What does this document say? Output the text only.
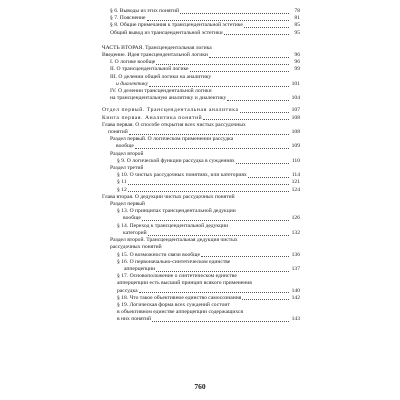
§ 6. Выводы из этих понятий	78
§ 7. Пояснение	81
§ 8. Общие примечания к трансцендентальной эстетике	85
Общий вывод из трансцендентальной эстетики	95
ЧАСТЬ ВТОРАЯ. Трансцендентальная логика
Введение. Идея трансцендентальной логики	96
I. О логике вообще	96
II. О трансцендентальной логике	99
III. О делении общей логики на аналитику
и диалектику	101
IV. О делении трансцендентальной логики
на трансцендентальную аналитику и диалектику	104
Отдел первый. Трансцендентальная аналитика	107
Книга первая. Аналитика понятий	108
Глава первая. О способе открытия всех чистых рассудочных
понятий	108
Раздел первый. О логическом применении рассудка
вообще	109
Раздел второй
§ 9. О логической функции рассудка в суждениях	110
Раздел третий
§ 10. О чистых рассудочных понятиях, или категориях	114
§ 11	121
§ 12	124
Глава вторая. О дедукции чистых рассудочных понятий
Раздел первый
§ 13. О принципах трансцендентальной дедукции
вообще	126
§ 14. Переход к трансцендентальной дедукции
категорий	132
Раздел второй. Трансцендентальная дедукция чистых
рассудочных понятий
§ 15. О возможности связи вообще	136
§ 16. О первоначально-синтетическом единстве
апперцепции	137
§ 17. Основоположение о синтетическом единстве
апперцепции есть высший принцип всякого применения
рассудка	140
§ 18. Что такое объективное единство самосознания	142
§ 19. Логическая форма всех суждений состоит
в объективном единстве апперцепции содержащихся
в них понятий	143
760
